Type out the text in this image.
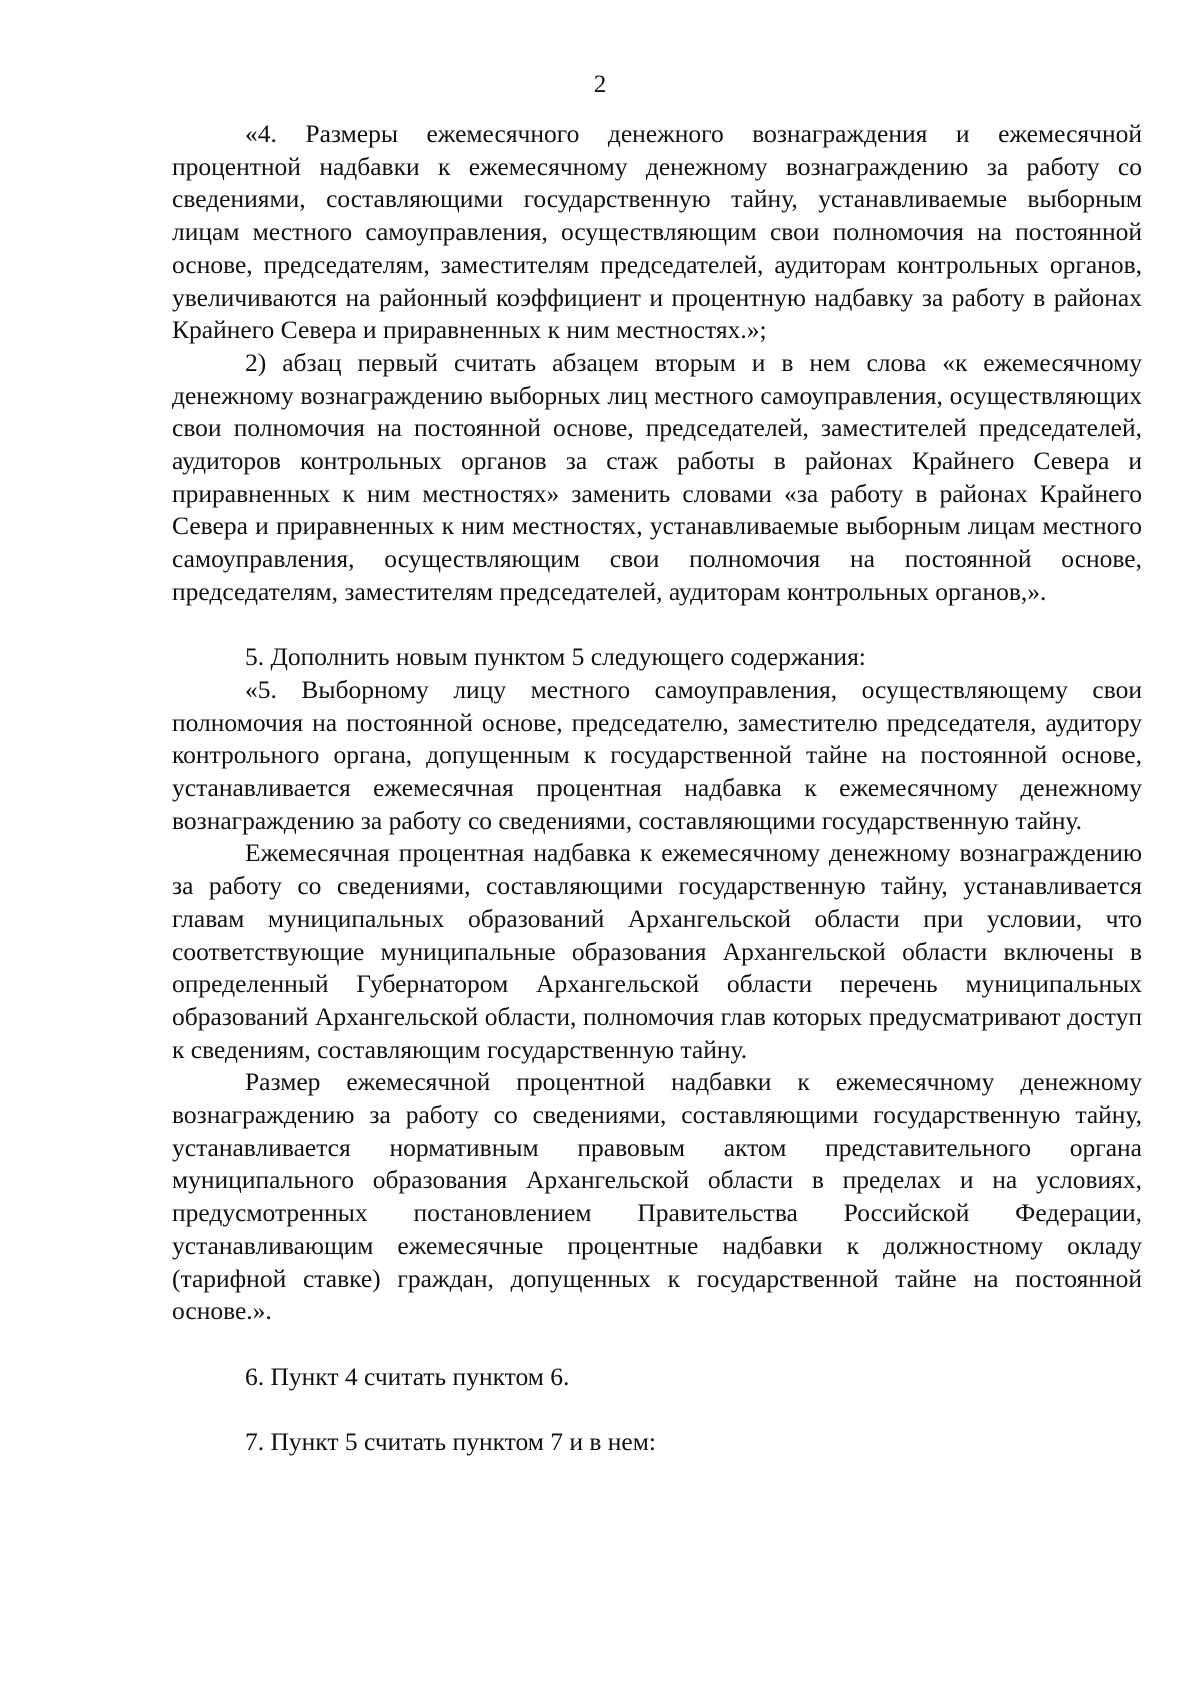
2

«4. Размеры ежемесячного денежного вознаграждения и ежемесячной процентной надбавки к ежемесячному денежному вознаграждению за работу со сведениями, составляющими государственную тайну, устанавливаемые выборным лицам местного самоуправления, осуществляющим свои полномочия на постоянной основе, председателям, заместителям председателей, аудиторам контрольных органов, увеличиваются на районный коэффициент и процентную надбавку за работу в районах Крайнего Севера и приравненных к ним местностях.»;

2) абзац первый считать абзацем вторым и в нем слова «к ежемесячному денежному вознаграждению выборных лиц местного самоуправления, осуществляющих свои полномочия на постоянной основе, председателей, заместителей председателей, аудиторов контрольных органов за стаж работы в районах Крайнего Севера и приравненных к ним местностях» заменить словами «за работу в районах Крайнего Севера и приравненных к ним местностях, устанавливаемые выборным лицам местного самоуправления, осуществляющим свои полномочия на постоянной основе, председателям, заместителям председателей, аудиторам контрольных органов,».

5. Дополнить новым пунктом 5 следующего содержания:

«5. Выборному лицу местного самоуправления, осуществляющему свои полномочия на постоянной основе, председателю, заместителю председателя, аудитору контрольного органа, допущенным к государственной тайне на постоянной основе, устанавливается ежемесячная процентная надбавка к ежемесячному денежному вознаграждению за работу со сведениями, составляющими государственную тайну.

Ежемесячная процентная надбавка к ежемесячному денежному вознаграждению за работу со сведениями, составляющими государственную тайну, устанавливается главам муниципальных образований Архангельской области при условии, что соответствующие муниципальные образования Архангельской области включены в определенный Губернатором Архангельской области перечень муниципальных образований Архангельской области, полномочия глав которых предусматривают доступ к сведениям, составляющим государственную тайну.

Размер ежемесячной процентной надбавки к ежемесячному денежному вознаграждению за работу со сведениями, составляющими государственную тайну, устанавливается нормативным правовым актом представительного органа муниципального образования Архангельской области в пределах и на условиях, предусмотренных постановлением Правительства Российской Федерации, устанавливающим ежемесячные процентные надбавки к должностному окладу (тарифной ставке) граждан, допущенных к государственной тайне на постоянной основе.».

6. Пункт 4 считать пунктом 6.

7. Пункт 5 считать пунктом 7 и в нем:
